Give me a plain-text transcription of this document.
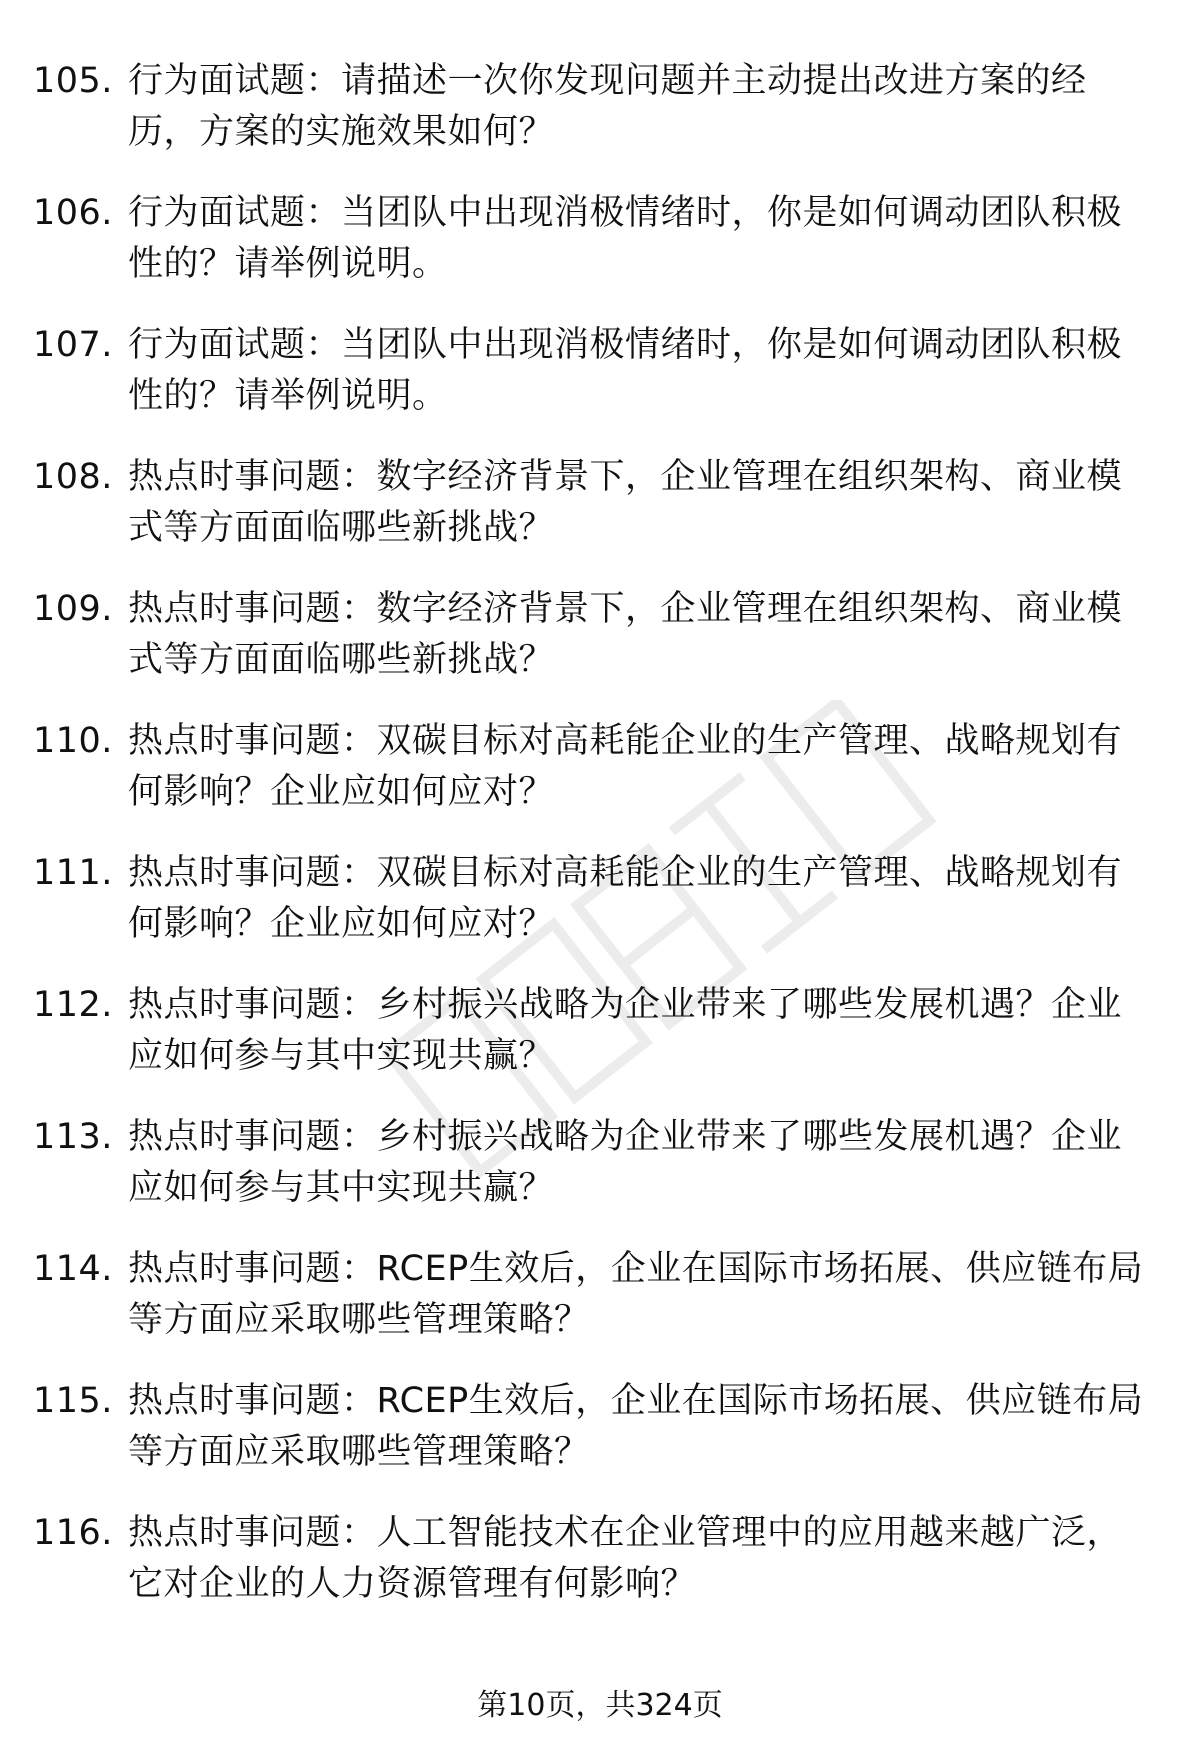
105. 行为面试题：请描述一次你发现问题并主动提出改进方案的经历，方案的实施效果如何？
106. 行为面试题：当团队中出现消极情绪时，你是如何调动团队积极性的？请举例说明。
107. 行为面试题：当团队中出现消极情绪时，你是如何调动团队积极性的？请举例说明。
108. 热点时事问题：数字经济背景下，企业管理在组织架构、商业模式等方面面临哪些新挑战？
109. 热点时事问题：数字经济背景下，企业管理在组织架构、商业模式等方面面临哪些新挑战？
110. 热点时事问题：双碳目标对高耗能企业的生产管理、战略规划有何影响？企业应如何应对？
111. 热点时事问题：双碳目标对高耗能企业的生产管理、战略规划有何影响？企业应如何应对？
112. 热点时事问题：乡村振兴战略为企业带来了哪些发展机遇？企业应如何参与其中实现共赢？
113. 热点时事问题：乡村振兴战略为企业带来了哪些发展机遇？企业应如何参与其中实现共赢？
114. 热点时事问题：RCEP生效后，企业在国际市场拓展、供应链布局等方面应采取哪些管理策略？
115. 热点时事问题：RCEP生效后，企业在国际市场拓展、供应链布局等方面应采取哪些管理策略？
116. 热点时事问题：人工智能技术在企业管理中的应用越来越广泛，它对企业的人力资源管理有何影响？
第10页，共324页
